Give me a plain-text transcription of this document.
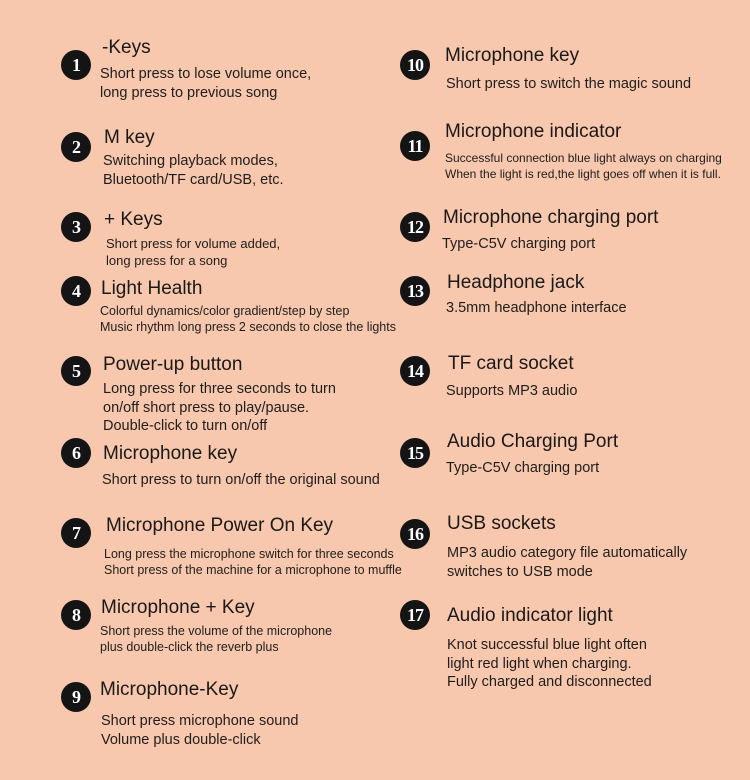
1
-Keys
Short press to lose volume once,
long press to previous song
2	M key
Switching playback modes,
Bluetooth/TF card/USB, etc.
3	+ Keys
Short press for volume added,
long press for a song
4	Light Health
Colorful dynamics/color gradient/step by step
Music rhythm long press 2 seconds to close the lights
5	Power-up button
Long press for three seconds to turn
on/off short press to play/pause.
Double-click to turn on/off
6	Microphone key
Short press to turn on/off the original sound
7	Microphone Power On Key
Long press the microphone switch for three seconds
Short press of the machine for a microphone to muffle
8	Microphone + Key
Short press the volume of the microphone
plus double-click the reverb plus
9	Microphone-Key
Short press microphone sound
Volume plus double-click
10	Microphone key
Short press to switch the magic sound
11
Microphone indicator
Successful connection blue light always on charging
When the light is red,the light goes off when it is full.
12	Microphone charging port
Type-C5V charging port
13	Headphone jack
3.5mm headphone interface
14	TF card socket
Supports MP3 audio
15
Audio Charging Port
Type-C5V charging port
16	USB sockets
MP3 audio category file automatically
switches to USB mode
17	Audio indicator light
Knot successful blue light often
light red light when charging.
Fully charged and disconnected
